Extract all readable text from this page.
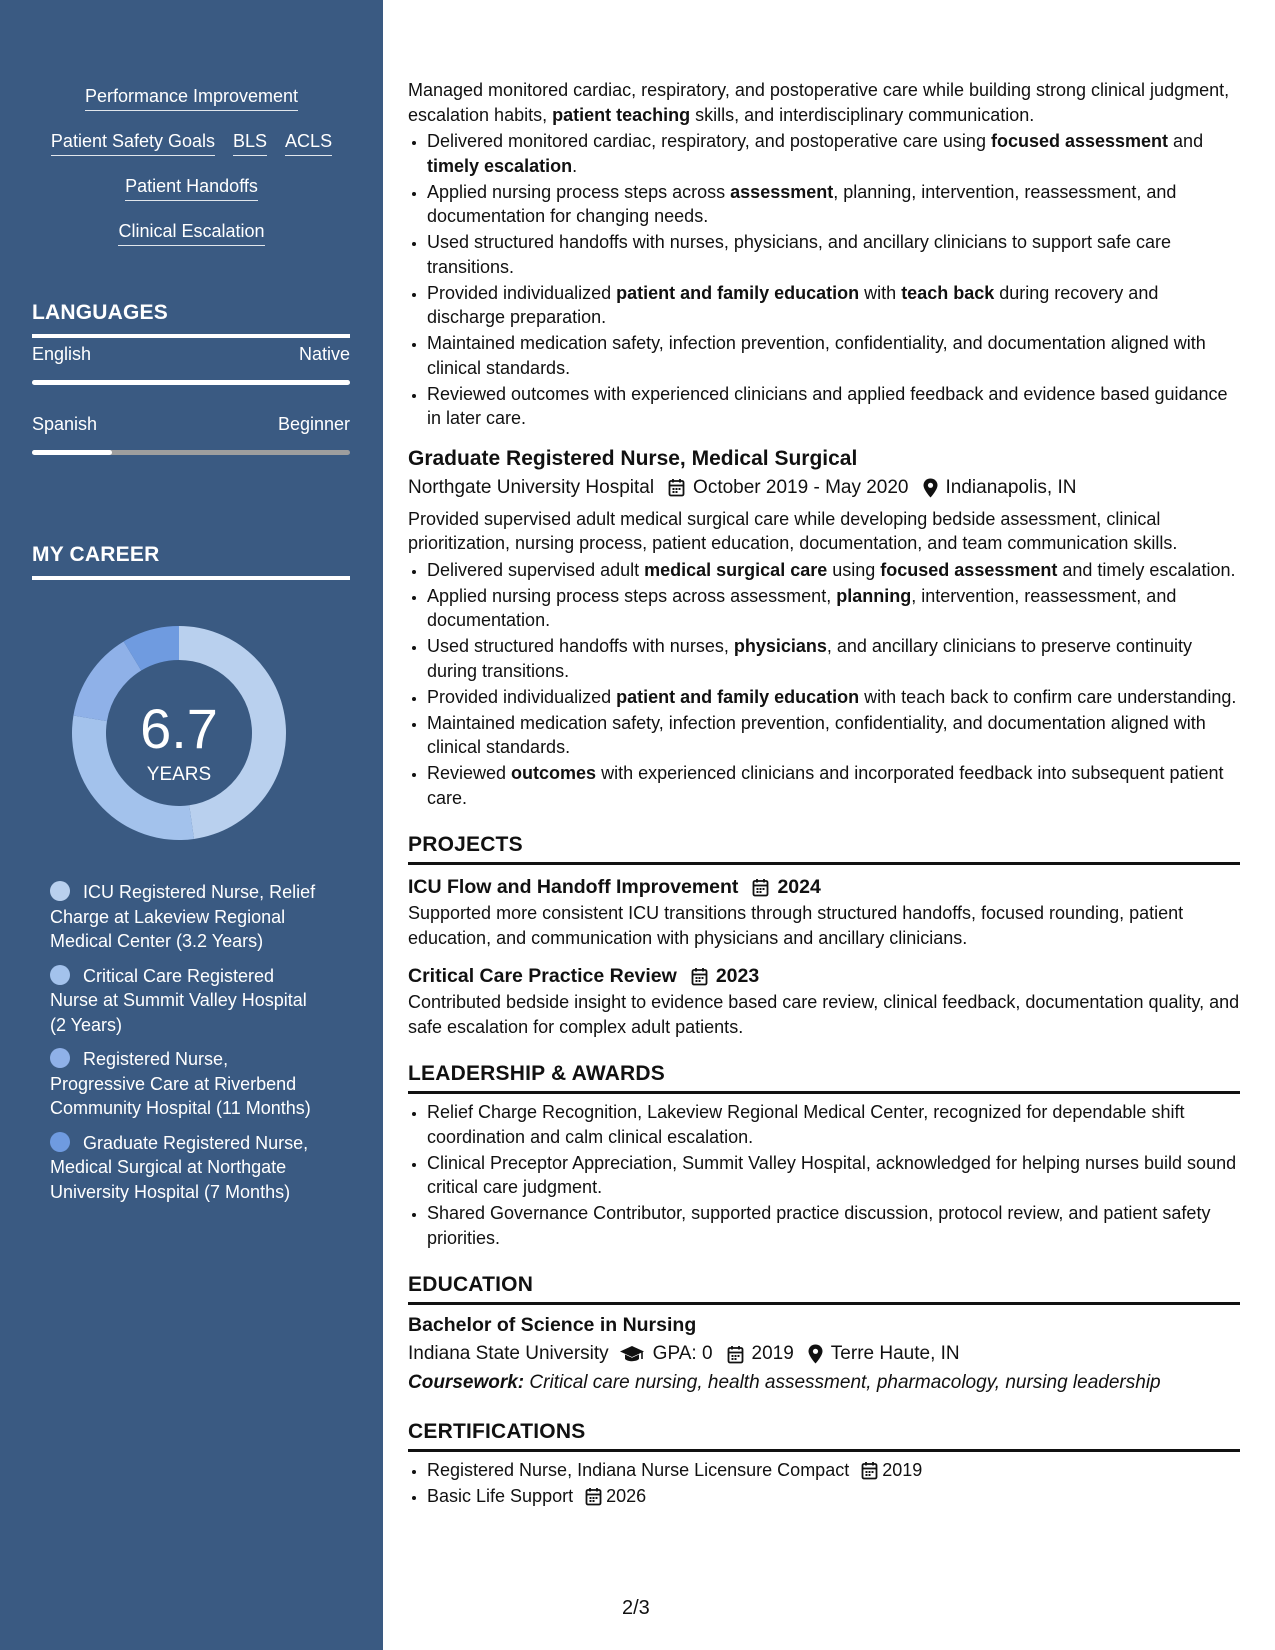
Performance Improvement
Patient Safety Goals BLS ACLS
Patient Handoffs
Clinical Escalation
LANGUAGES
English	Native
Spanish	Beginner
MY CAREER
6.7
YEARS
ICU Registered Nurse, Relief Charge at Lakeview Regional Medical Center (3.2 Years)
Critical Care Registered Nurse at Summit Valley Hospital (2 Years)
Registered Nurse, Progressive Care at Riverbend Community Hospital (11 Months)
Graduate Registered Nurse, Medical Surgical at Northgate University Hospital (7 Months)

Managed monitored cardiac, respiratory, and postoperative care while building strong clinical judgment, escalation habits, patient teaching skills, and interdisciplinary communication.

• Delivered monitored cardiac, respiratory, and postoperative care using focused assessment and timely escalation.
• Applied nursing process steps across assessment, planning, intervention, reassessment, and documentation for changing needs.
• Used structured handoffs with nurses, physicians, and ancillary clinicians to support safe care transitions.
• Provided individualized patient and family education with teach back during recovery and discharge preparation.
• Maintained medication safety, infection prevention, confidentiality, and documentation aligned with clinical standards.
• Reviewed outcomes with experienced clinicians and applied feedback and evidence based guidance in later care.
Graduate Registered Nurse, Medical Surgical
Northgate University Hospital October 2019 - May 2020 Indianapolis, IN

Provided supervised adult medical surgical care while developing bedside assessment, clinical prioritization, nursing process, patient education, documentation, and team communication skills.

• Delivered supervised adult medical surgical care using focused assessment and timely escalation.
• Applied nursing process steps across assessment, planning, intervention, reassessment, and documentation.
• Used structured handoffs with nurses, physicians, and ancillary clinicians to preserve continuity during transitions.
• Provided individualized patient and family education with teach back to confirm care understanding.
• Maintained medication safety, infection prevention, confidentiality, and documentation aligned with clinical standards.
• Reviewed outcomes with experienced clinicians and incorporated feedback into subsequent patient care.
PROJECTS
ICU Flow and Handoff Improvement 2024

Supported more consistent ICU transitions through structured handoffs, focused rounding, patient education, and communication with physicians and ancillary clinicians.

Critical Care Practice Review 2023

Contributed bedside insight to evidence based care review, clinical feedback, documentation quality, and safe escalation for complex adult patients.

LEADERSHIP & AWARDS
• Relief Charge Recognition, Lakeview Regional Medical Center, recognized for dependable shift coordination and calm clinical escalation.
• Clinical Preceptor Appreciation, Summit Valley Hospital, acknowledged for helping nurses build sound critical care judgment.
• Shared Governance Contributor, supported practice discussion, protocol review, and patient safety priorities.
EDUCATION
Bachelor of Science in Nursing
Indiana State University GPA: 0 2019 Terre Haute, IN
Coursework: Critical care nursing, health assessment, pharmacology, nursing leadership
CERTIFICATIONS
• Registered Nurse, Indiana Nurse Licensure Compact 2019
• Basic Life Support 2026
2/3
